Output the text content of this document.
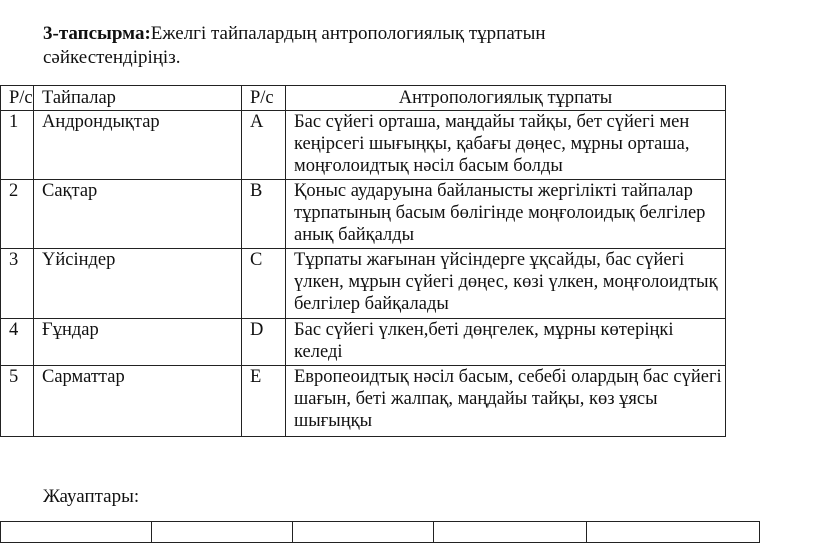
3-тапсырма:Ежелгі тайпалардың антропологиялық тұрпатын сәйкестендіріңіз.
Р/с	Тайпалар	Р/с	Антропологиялық тұрпаты
1	Андрондықтар	A	Бас сүйегі орташа, маңдайы тайқы, бет сүйегі мен кеңірсегі шығыңқы, қабағы дөңес, мұрны орташа, моңғолоидтық нәсіл басым болды
2	Сақтар	B	Қоныс аударуына байланысты жергілікті тайпалар тұрпатының басым бөлігінде моңғолоидық белгілер анық байқалды
3	Үйсіндер	C	Тұрпаты жағынан үйсіндерге ұқсайды, бас сүйегі үлкен, мұрын сүйегі дөңес, көзі үлкен, моңғолоидтық белгілер байқалады
4	Ғұндар	D	Бас сүйегі үлкен,беті дөңгелек, мұрны көтеріңкі келеді
5	Сарматтар	E	Европеоидтық нәсіл басым, себебі олардың бас сүйегі шағын, беті жалпақ, маңдайы тайқы, көз ұясы шығыңқы
Жауаптары:
